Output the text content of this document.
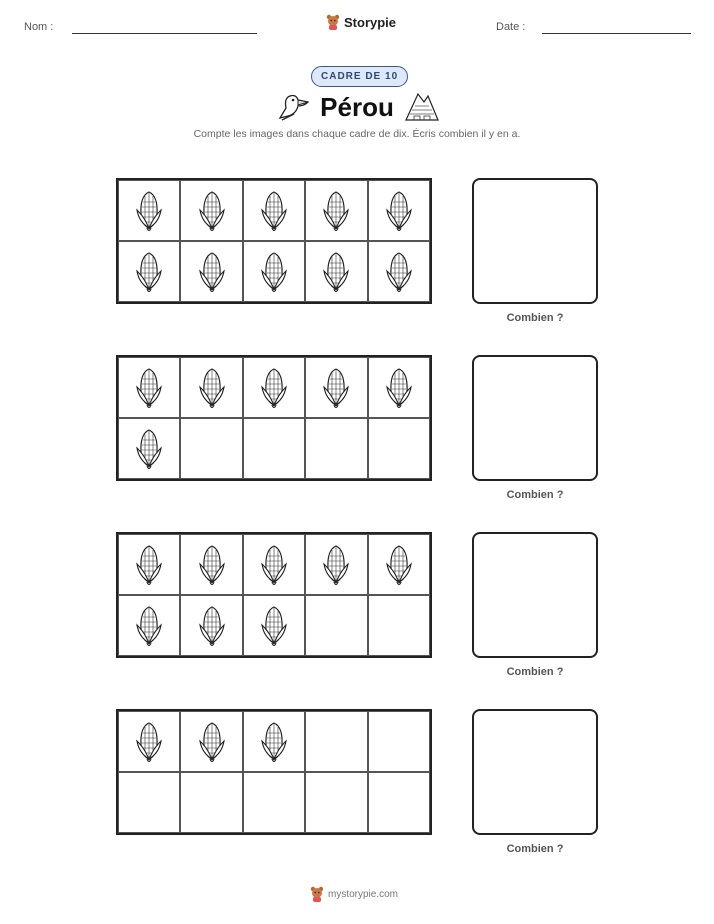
Nom :	Storypie	Date :
CADRE DE 10
Pérou
Compte les images dans chaque cadre de dix. Écris combien il y en a.
Combien ?
Combien ?
Combien ?
Combien ?
mystorypie.com
